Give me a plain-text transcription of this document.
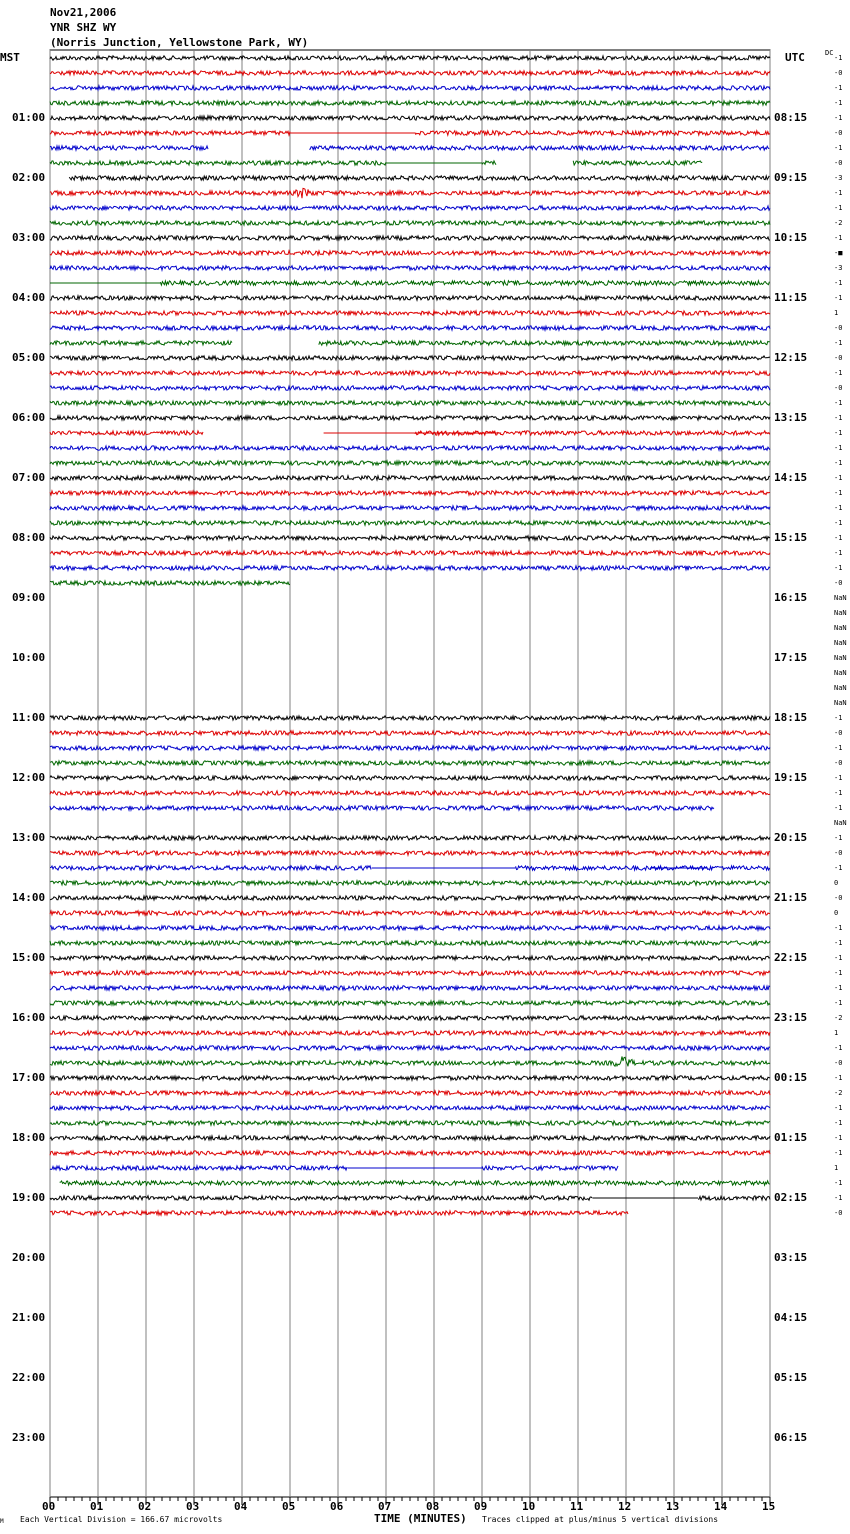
Nov21,2006
YNR SHZ WY
(Norris Junction, Yellowstone Park, WY)
MST	UTC	DC
01:00	08:15
02:00	09:15
03:00	10:15
04:00	11:15
05:00	12:15
06:00	13:15
07:00	14:15
08:00	15:15
09:00	16:15
10:00	17:15
11:00	18:15
12:00	19:15
13:00	20:15
14:00	21:15
15:00	22:15
16:00	23:15
17:00	00:15
18:00	01:15
19:00	02:15
20:00	03:15
21:00	04:15
22:00	05:15
23:00	06:15
-1
-0
-1
-1
-1
-0
-1
-0
-3
-1
-1
-2
-1
-■
-3
-1
-1
1
-0
-1
-0
-1
-0
-1
-1
-1
-1
-1
-1
-1
-1
-1
-1
-1
-1
-0
NaN
NaN
NaN
NaN
NaN
NaN
NaN
NaN
-1
-0
-1
-0
-1
-1
-1
NaN
-1
-0
-1
0
-0
0
-1
-1
-1
-1
-1
-1
-2
1
-1
-0
-1
-2
-1
-1
-1
-1
1
-1
-1
-0
00	01	02	03	04	05	06	07	08	09	10	11	12	13	14	15
M Each Vertical Division = 166.67 microvolts	TIME (MINUTES) Traces clipped at plus/minus 5 vertical divisions
